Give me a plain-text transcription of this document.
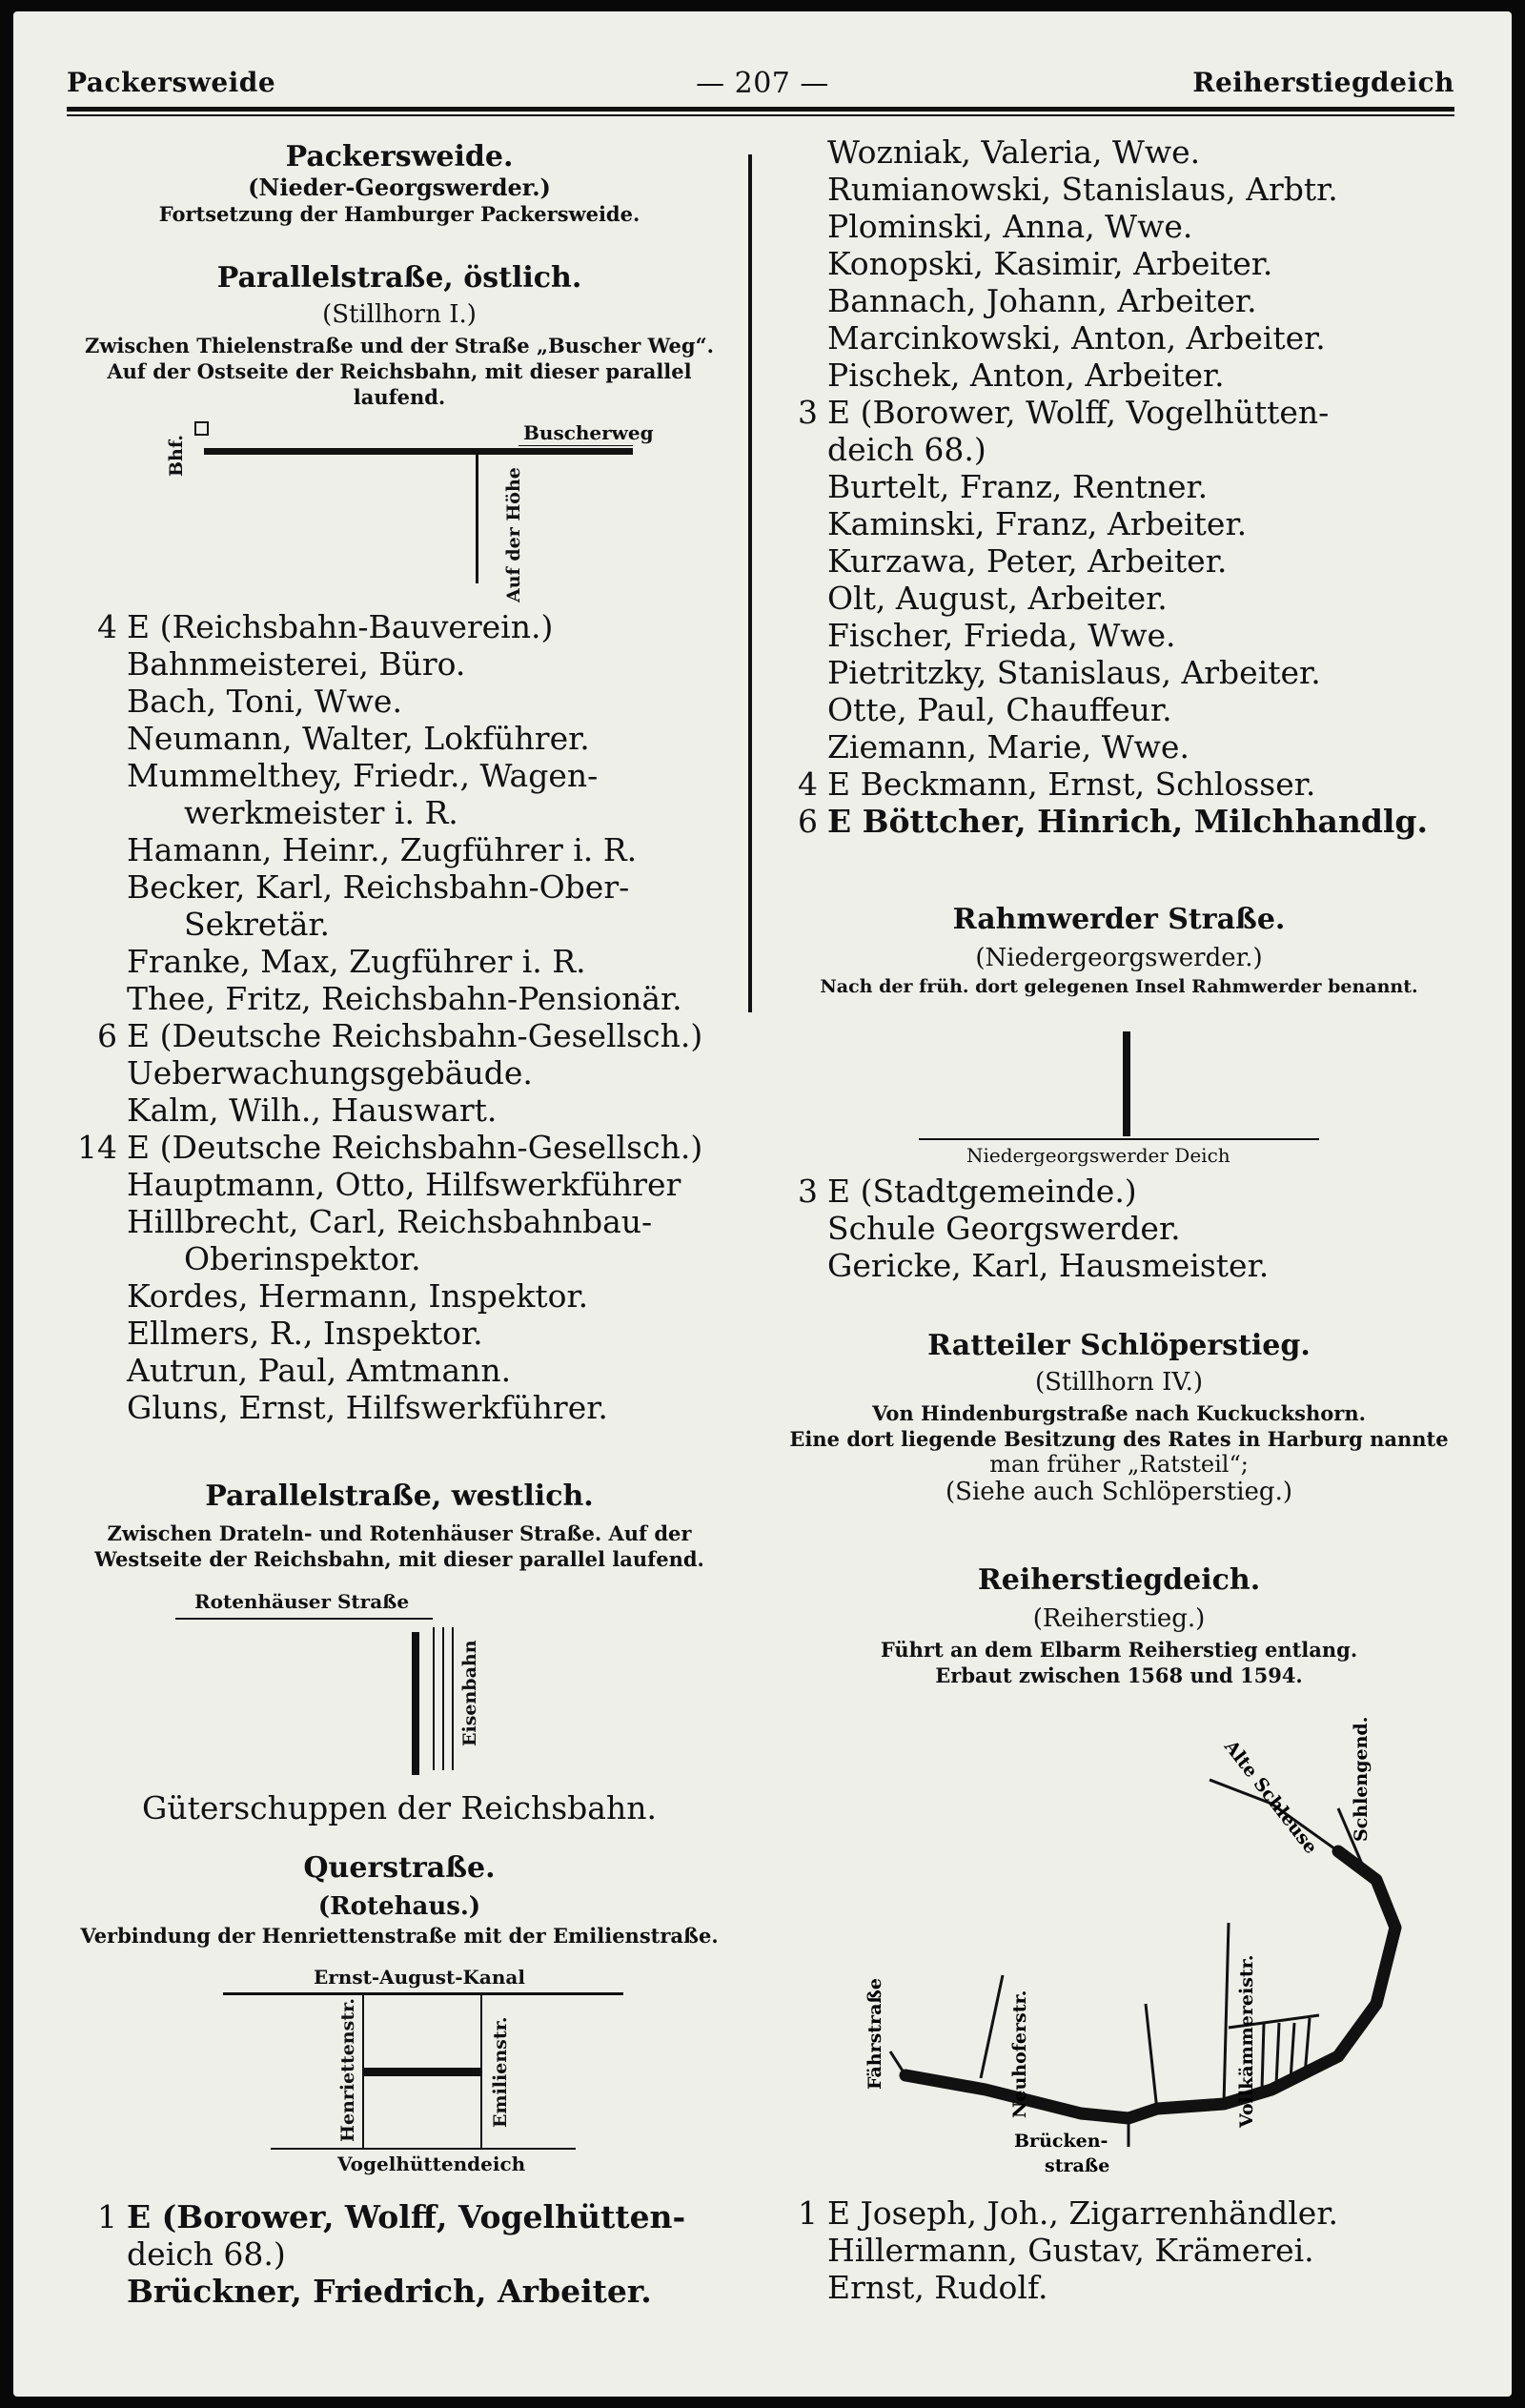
Packersweide	— 207 —	Reiherstiegdeich
Packersweide.
(Nieder-Georgswerder.)
Fortsetzung der Hamburger Packersweide.
Parallelstraße, östlich.
(Stillhorn I.)
Zwischen Thielenstraße und der Straße „Buscher Weg“.
Auf der Ostseite der Reichsbahn, mit dieser parallel laufend.
Buscherweg
Bhf.
Auf der Höhe
4 E (Reichsbahn-Bauverein.)
Bahnmeisterei, Büro.
Bach, Toni, Wwe.
Neumann, Walter, Lokführer.
Mummelthey, Friedr., Wagen-
werkmeister i. R.
Hamann, Heinr., Zugführer i. R.
Becker, Karl, Reichsbahn-Ober-
Sekretär.
Franke, Max, Zugführer i. R.
Thee, Fritz, Reichsbahn-Pensionär.
6 E (Deutsche Reichsbahn-Gesellsch.)
Ueberwachungsgebäude.
Kalm, Wilh., Hauswart.
14 E (Deutsche Reichsbahn-Gesellsch.)
Hauptmann, Otto, Hilfswerkführer
Hillbrecht, Carl, Reichsbahnbau-
Oberinspektor.
Kordes, Hermann, Inspektor.
Ellmers, R., Inspektor.
Autrun, Paul, Amtmann.
Gluns, Ernst, Hilfswerkführer.
Parallelstraße, westlich.
Zwischen Drateln- und Rotenhäuser Straße. Auf der
Westseite der Reichsbahn, mit dieser parallel laufend.
Rotenhäuser Straße
Eisenbahn
Güterschuppen der Reichsbahn.
Querstraße.
(Rotehaus.)
Verbindung der Henriettenstraße mit der Emilienstraße.
Ernst-August-Kanal
Vogelhüttendeich
Henriettenstr.	Emilienstr.
1 E (Borower, Wolff, Vogelhütten-
deich 68.)
Brückner, Friedrich, Arbeiter.
Wozniak, Valeria, Wwe.
Rumianowski, Stanislaus, Arbtr.
Plominski, Anna, Wwe.
Konopski, Kasimir, Arbeiter.
Bannach, Johann, Arbeiter.
Marcinkowski, Anton, Arbeiter.
Pischek, Anton, Arbeiter.
3 E (Borower, Wolff, Vogelhütten-
deich 68.)
Burtelt, Franz, Rentner.
Kaminski, Franz, Arbeiter.
Kurzawa, Peter, Arbeiter.
Olt, August, Arbeiter.
Fischer, Frieda, Wwe.
Pietritzky, Stanislaus, Arbeiter.
Otte, Paul, Chauffeur.
Ziemann, Marie, Wwe.
4 E Beckmann, Ernst, Schlosser.
6 E Böttcher, Hinrich, Milchhandlg.
Rahmwerder Straße.
(Niedergeorgswerder.)
Nach der früh. dort gelegenen Insel Rahmwerder benannt.
Niedergeorgswerder Deich
3 E (Stadtgemeinde.)
Schule Georgswerder.
Gericke, Karl, Hausmeister.
Ratteiler Schlöperstieg.
(Stillhorn IV.)
Von Hindenburgstraße nach Kuckuckshorn.
Eine dort liegende Besitzung des Rates in Harburg nannte
man früher „Ratsteil“;
(Siehe auch Schlöperstieg.)
Reiherstiegdeich.
(Reiherstieg.)
Führt an dem Elbarm Reiherstieg entlang.
Erbaut zwischen 1568 und 1594.
Fährstraße	Neuhoferstr.	Vollkämmereistr.
Alte Schleuse Schlengend.
Brücken-
straße
1 E Joseph, Joh., Zigarrenhändler.
Hillermann, Gustav, Krämerei.
Ernst, Rudolf.
